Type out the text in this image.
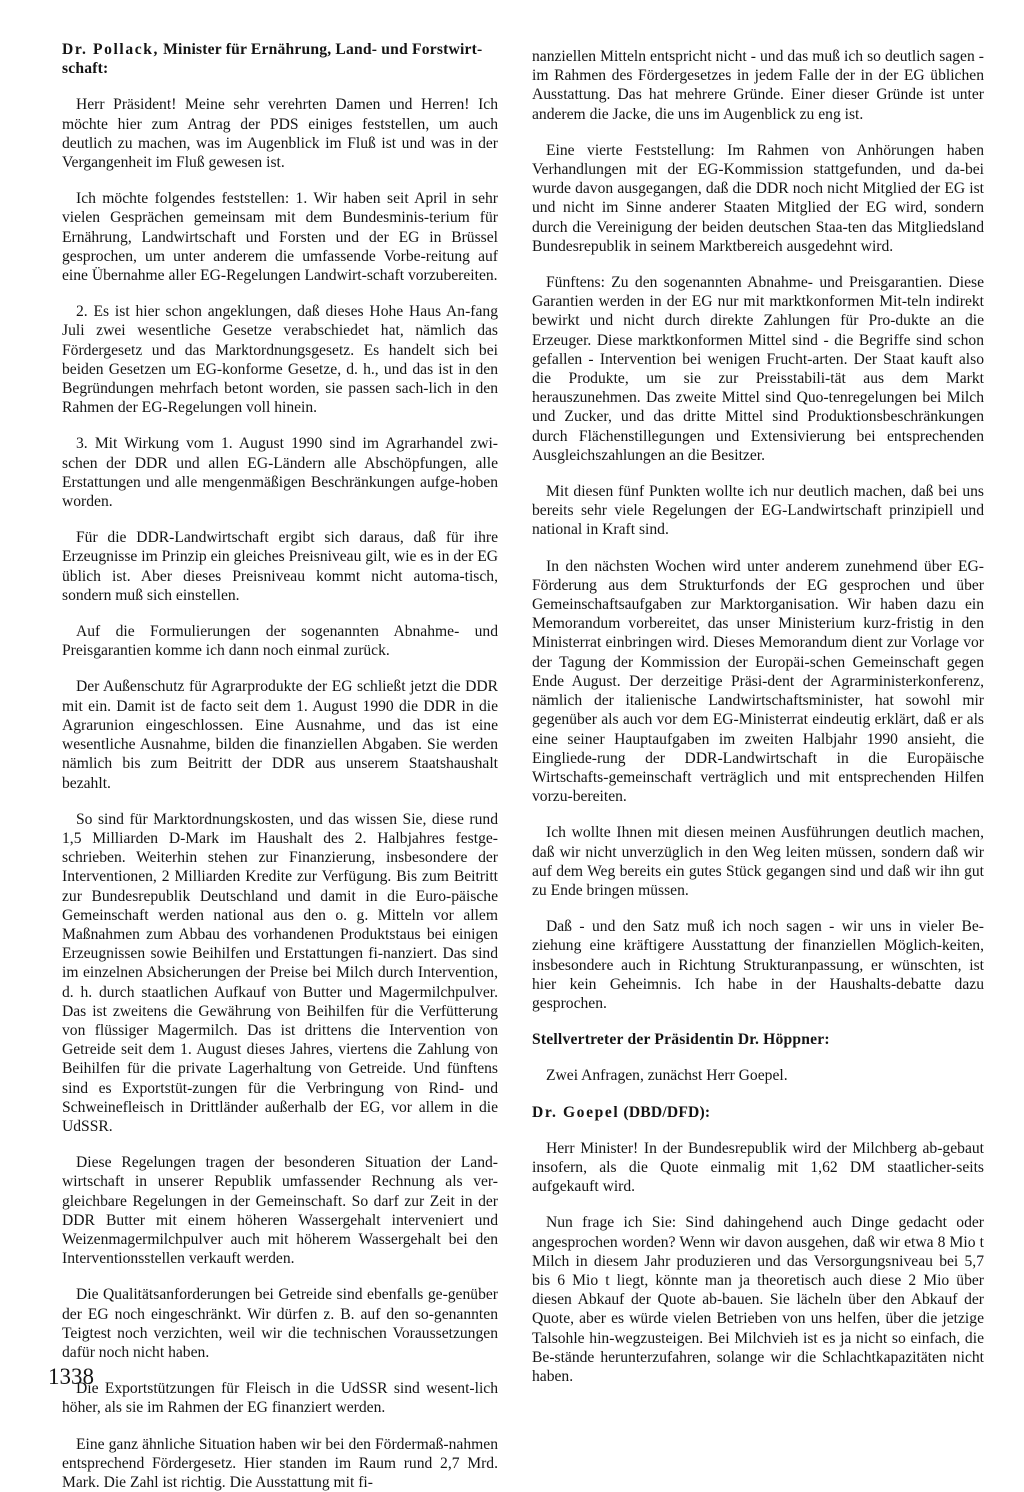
Dr. Pollack, Minister für Ernährung, Land- und Forstwirt-schaft:

Herr Präsident! Meine sehr verehrten Damen und Herren! Ich möchte hier zum Antrag der PDS einiges feststellen, um auch deutlich zu machen, was im Augenblick im Fluß ist und was in der Vergangenheit im Fluß gewesen ist.

Ich möchte folgendes feststellen: 1. Wir haben seit April in sehr vielen Gesprächen gemeinsam mit dem Bundesminis-terium für Ernährung, Landwirtschaft und Forsten und der EG in Brüssel gesprochen, um unter anderem die umfassende Vorbe-reitung auf eine Übernahme aller EG-Regelungen Landwirt-schaft vorzubereiten.

2. Es ist hier schon angeklungen, daß dieses Hohe Haus An-fang Juli zwei wesentliche Gesetze verabschiedet hat, nämlich das Fördergesetz und das Marktordnungsgesetz. Es handelt sich bei beiden Gesetzen um EG-konforme Gesetze, d. h., und das ist in den Begründungen mehrfach betont worden, sie passen sach-lich in den Rahmen der EG-Regelungen voll hinein.

3. Mit Wirkung vom 1. August 1990 sind im Agrarhandel zwi-schen der DDR und allen EG-Ländern alle Abschöpfungen, alle Erstattungen und alle mengenmäßigen Beschränkungen aufge-hoben worden.

Für die DDR-Landwirtschaft ergibt sich daraus, daß für ihre Erzeugnisse im Prinzip ein gleiches Preisniveau gilt, wie es in der EG üblich ist. Aber dieses Preisniveau kommt nicht automa-tisch, sondern muß sich einstellen.

Auf die Formulierungen der sogenannten Abnahme- und Preisgarantien komme ich dann noch einmal zurück.

Der Außenschutz für Agrarprodukte der EG schließt jetzt die DDR mit ein. Damit ist de facto seit dem 1. August 1990 die DDR in die Agrarunion eingeschlossen. Eine Ausnahme, und das ist eine wesentliche Ausnahme, bilden die finanziellen Abgaben. Sie werden nämlich bis zum Beitritt der DDR aus unserem Staatshaushalt bezahlt.

So sind für Marktordnungskosten, und das wissen Sie, diese rund 1,5 Milliarden D-Mark im Haushalt des 2. Halbjahres festge-schrieben. Weiterhin stehen zur Finanzierung, insbesondere der Interventionen, 2 Milliarden Kredite zur Verfügung. Bis zum Beitritt zur Bundesrepublik Deutschland und damit in die Euro-päische Gemeinschaft werden national aus den o. g. Mitteln vor allem Maßnahmen zum Abbau des vorhandenen Produktstaus bei einigen Erzeugnissen sowie Beihilfen und Erstattungen fi-nanziert. Das sind im einzelnen Absicherungen der Preise bei Milch durch Intervention, d. h. durch staatlichen Aufkauf von Butter und Magermilchpulver. Das ist zweitens die Gewährung von Beihilfen für die Verfütterung von flüssiger Magermilch. Das ist drittens die Intervention von Getreide seit dem 1. August dieses Jahres, viertens die Zahlung von Beihilfen für die private Lagerhaltung von Getreide. Und fünftens sind es Exportstüt-zungen für die Verbringung von Rind- und Schweinefleisch in Drittländer außerhalb der EG, vor allem in die UdSSR.

Diese Regelungen tragen der besonderen Situation der Land-wirtschaft in unserer Republik umfassender Rechnung als ver-gleichbare Regelungen in der Gemeinschaft. So darf zur Zeit in der DDR Butter mit einem höheren Wassergehalt interveniert und Weizenmagermilchpulver auch mit höherem Wassergehalt bei den Interventionsstellen verkauft werden.

Die Qualitätsanforderungen bei Getreide sind ebenfalls ge-genüber der EG noch eingeschränkt. Wir dürfen z. B. auf den so-genannten Teigtest noch verzichten, weil wir die technischen Voraussetzungen dafür noch nicht haben.

Die Exportstützungen für Fleisch in die UdSSR sind wesent-lich höher, als sie im Rahmen der EG finanziert werden.

Eine ganz ähnliche Situation haben wir bei den Fördermaß-nahmen entsprechend Fördergesetz. Hier standen im Raum rund 2,7 Mrd. Mark. Die Zahl ist richtig. Die Ausstattung mit fi-

nanziellen Mitteln entspricht nicht - und das muß ich so deutlich sagen - im Rahmen des Fördergesetzes in jedem Falle der in der EG üblichen Ausstattung. Das hat mehrere Gründe. Einer dieser Gründe ist unter anderem die Jacke, die uns im Augenblick zu eng ist.

Eine vierte Feststellung: Im Rahmen von Anhörungen haben Verhandlungen mit der EG-Kommission stattgefunden, und da-bei wurde davon ausgegangen, daß die DDR noch nicht Mitglied der EG ist und nicht im Sinne anderer Staaten Mitglied der EG wird, sondern durch die Vereinigung der beiden deutschen Staa-ten das Mitgliedsland Bundesrepublik in seinem Marktbereich ausgedehnt wird.

Fünftens: Zu den sogenannten Abnahme- und Preisgarantien. Diese Garantien werden in der EG nur mit marktkonformen Mit-teln indirekt bewirkt und nicht durch direkte Zahlungen für Pro-dukte an die Erzeuger. Diese marktkonformen Mittel sind - die Begriffe sind schon gefallen - Intervention bei wenigen Frucht-arten. Der Staat kauft also die Produkte, um sie zur Preisstabili-tät aus dem Markt herauszunehmen. Das zweite Mittel sind Quo-tenregelungen bei Milch und Zucker, und das dritte Mittel sind Produktionsbeschränkungen durch Flächenstillegungen und Extensivierung bei entsprechenden Ausgleichszahlungen an die Besitzer.

Mit diesen fünf Punkten wollte ich nur deutlich machen, daß bei uns bereits sehr viele Regelungen der EG-Landwirtschaft prinzipiell und national in Kraft sind.

In den nächsten Wochen wird unter anderem zunehmend über EG-Förderung aus dem Strukturfonds der EG gesprochen und über Gemeinschaftsaufgaben zur Marktorganisation. Wir haben dazu ein Memorandum vorbereitet, das unser Ministerium kurz-fristig in den Ministerrat einbringen wird. Dieses Memorandum dient zur Vorlage vor der Tagung der Kommission der Europäi-schen Gemeinschaft gegen Ende August. Der derzeitige Präsi-dent der Agrarministerkonferenz, nämlich der italienische Landwirtschaftsminister, hat sowohl mir gegenüber als auch vor dem EG-Ministerrat eindeutig erklärt, daß er als eine seiner Hauptaufgaben im zweiten Halbjahr 1990 ansieht, die Eingliede-rung der DDR-Landwirtschaft in die Europäische Wirtschafts-gemeinschaft verträglich und mit entsprechenden Hilfen vorzu-bereiten.

Ich wollte Ihnen mit diesen meinen Ausführungen deutlich machen, daß wir nicht unverzüglich in den Weg leiten müssen, sondern daß wir auf dem Weg bereits ein gutes Stück gegangen sind und daß wir ihn gut zu Ende bringen müssen.

Daß - und den Satz muß ich noch sagen - wir uns in vieler Be-ziehung eine kräftigere Ausstattung der finanziellen Möglich-keiten, insbesondere auch in Richtung Strukturanpassung, er wünschten, ist hier kein Geheimnis. Ich habe in der Haushalts-debatte dazu gesprochen.

Stellvertreter der Präsidentin Dr. Höppner:

Zwei Anfragen, zunächst Herr Goepel.

Dr. Goepel (DBD/DFD):

Herr Minister! In der Bundesrepublik wird der Milchberg ab-gebaut insofern, als die Quote einmalig mit 1,62 DM staatlicher-seits aufgekauft wird.

Nun frage ich Sie: Sind dahingehend auch Dinge gedacht oder angesprochen worden? Wenn wir davon ausgehen, daß wir etwa 8 Mio t Milch in diesem Jahr produzieren und das Versorgungsniveau bei 5,7 bis 6 Mio t liegt, könnte man ja theoretisch auch diese 2 Mio über diesen Abkauf der Quote ab-bauen. Sie lächeln über den Abkauf der Quote, aber es würde vielen Betrieben von uns helfen, über die jetzige Talsohle hin-wegzusteigen. Bei Milchvieh ist es ja nicht so einfach, die Be-stände herunterzufahren, solange wir die Schlachtkapazitäten nicht haben.

1338
